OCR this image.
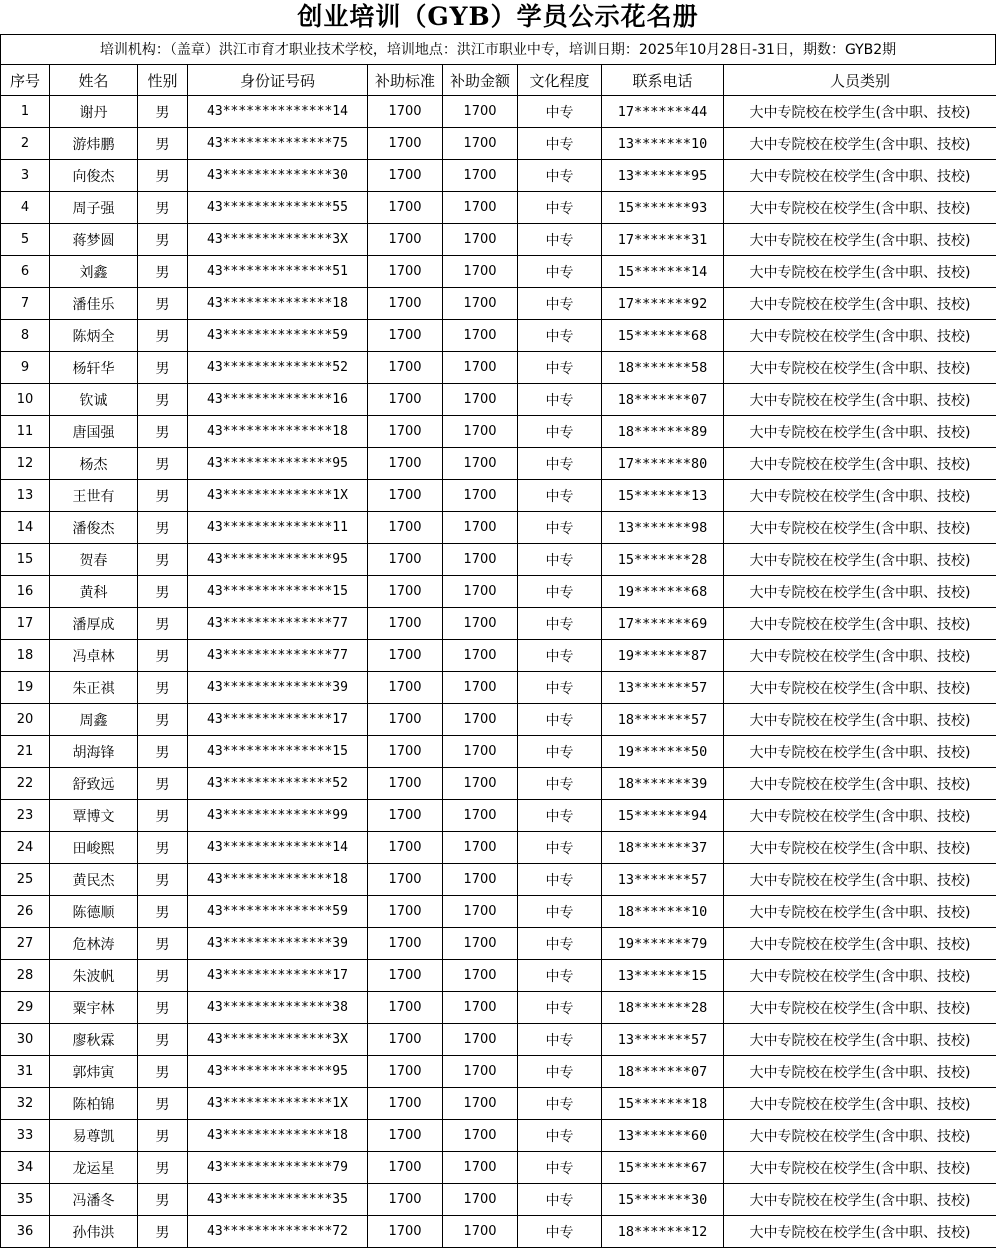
创业培训（GYB）学员公示花名册
培训机构：（盖章）洪江市育才职业技术学校，培训地点：洪江市职业中专，培训日期：2025年10月28日-31日，期数：GYB2期
序号	姓名	性别	身份证号码	补助标准	补助金额	文化程度	联系电话	人员类别
1	谢丹	男	43**************14	1700	1700	中专	17*******44	大中专院校在校学生(含中职、技校)
2	游炜鹏	男	43**************75	1700	1700	中专	13*******10	大中专院校在校学生(含中职、技校)
3	向俊杰	男	43**************30	1700	1700	中专	13*******95	大中专院校在校学生(含中职、技校)
4	周子强	男	43**************55	1700	1700	中专	15*******93	大中专院校在校学生(含中职、技校)
5	蒋梦圆	男	43**************3X	1700	1700	中专	17*******31	大中专院校在校学生(含中职、技校)
6	刘鑫	男	43**************51	1700	1700	中专	15*******14	大中专院校在校学生(含中职、技校)
7	潘佳乐	男	43**************18	1700	1700	中专	17*******92	大中专院校在校学生(含中职、技校)
8	陈炳全	男	43**************59	1700	1700	中专	15*******68	大中专院校在校学生(含中职、技校)
9	杨轩华	男	43**************52	1700	1700	中专	18*******58	大中专院校在校学生(含中职、技校)
10	钦诚	男	43**************16	1700	1700	中专	18*******07	大中专院校在校学生(含中职、技校)
11	唐国强	男	43**************18	1700	1700	中专	18*******89	大中专院校在校学生(含中职、技校)
12	杨杰	男	43**************95	1700	1700	中专	17*******80	大中专院校在校学生(含中职、技校)
13	王世有	男	43**************1X	1700	1700	中专	15*******13	大中专院校在校学生(含中职、技校)
14	潘俊杰	男	43**************11	1700	1700	中专	13*******98	大中专院校在校学生(含中职、技校)
15	贺春	男	43**************95	1700	1700	中专	15*******28	大中专院校在校学生(含中职、技校)
16	黄科	男	43**************15	1700	1700	中专	19*******68	大中专院校在校学生(含中职、技校)
17	潘厚成	男	43**************77	1700	1700	中专	17*******69	大中专院校在校学生(含中职、技校)
18	冯卓林	男	43**************77	1700	1700	中专	19*******87	大中专院校在校学生(含中职、技校)
19	朱正祺	男	43**************39	1700	1700	中专	13*******57	大中专院校在校学生(含中职、技校)
20	周鑫	男	43**************17	1700	1700	中专	18*******57	大中专院校在校学生(含中职、技校)
21	胡海锋	男	43**************15	1700	1700	中专	19*******50	大中专院校在校学生(含中职、技校)
22	舒致远	男	43**************52	1700	1700	中专	18*******39	大中专院校在校学生(含中职、技校)
23	覃博文	男	43**************99	1700	1700	中专	15*******94	大中专院校在校学生(含中职、技校)
24	田峻熙	男	43**************14	1700	1700	中专	18*******37	大中专院校在校学生(含中职、技校)
25	黄民杰	男	43**************18	1700	1700	中专	13*******57	大中专院校在校学生(含中职、技校)
26	陈德顺	男	43**************59	1700	1700	中专	18*******10	大中专院校在校学生(含中职、技校)
27	危林涛	男	43**************39	1700	1700	中专	19*******79	大中专院校在校学生(含中职、技校)
28	朱波帆	男	43**************17	1700	1700	中专	13*******15	大中专院校在校学生(含中职、技校)
29	粟宇林	男	43**************38	1700	1700	中专	18*******28	大中专院校在校学生(含中职、技校)
30	廖秋霖	男	43**************3X	1700	1700	中专	13*******57	大中专院校在校学生(含中职、技校)
31	郭炜寅	男	43**************95	1700	1700	中专	18*******07	大中专院校在校学生(含中职、技校)
32	陈柏锦	男	43**************1X	1700	1700	中专	15*******18	大中专院校在校学生(含中职、技校)
33	易尊凯	男	43**************18	1700	1700	中专	13*******60	大中专院校在校学生(含中职、技校)
34	龙运星	男	43**************79	1700	1700	中专	15*******67	大中专院校在校学生(含中职、技校)
35	冯潘冬	男	43**************35	1700	1700	中专	15*******30	大中专院校在校学生(含中职、技校)
36	孙伟洪	男	43**************72	1700	1700	中专	18*******12	大中专院校在校学生(含中职、技校)
